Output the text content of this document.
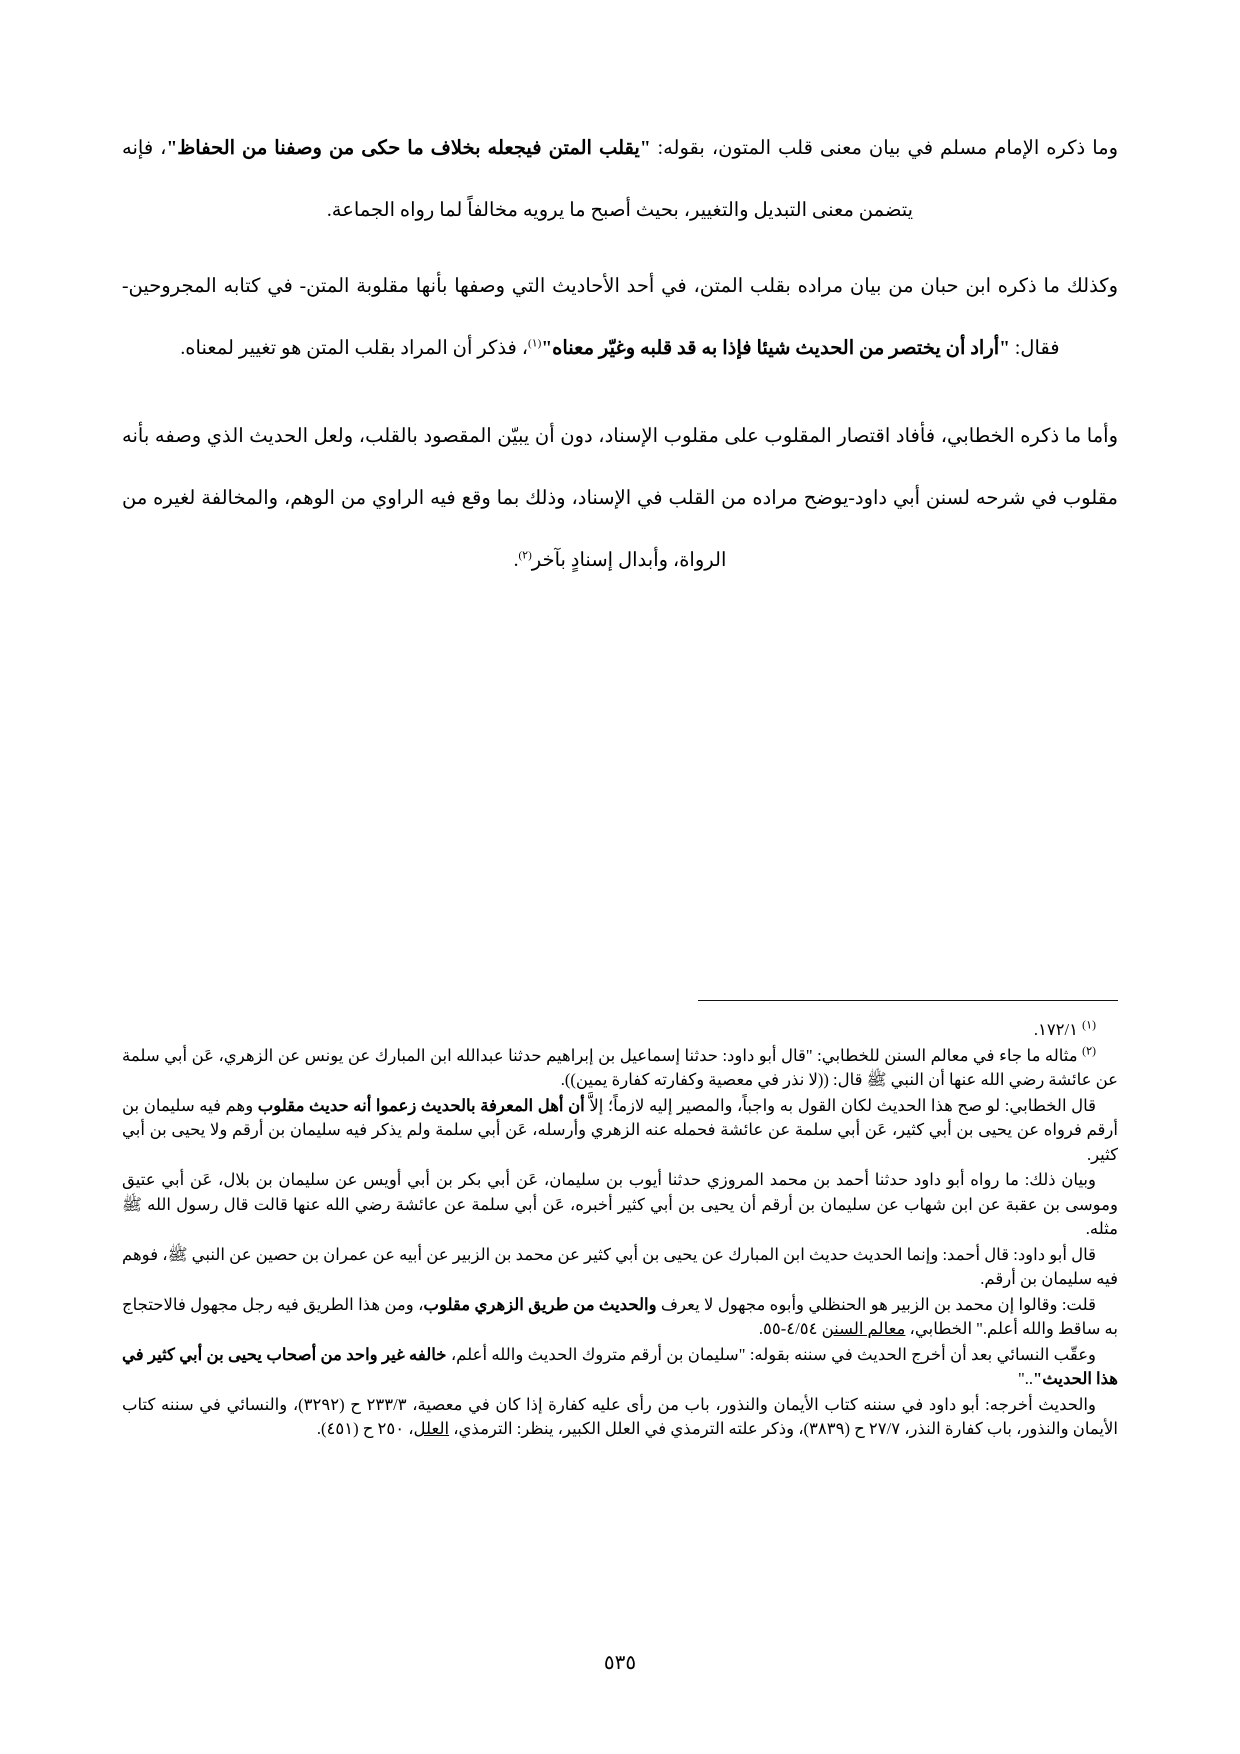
وما ذكره الإمام مسلم في بيان معنى قلب المتون، بقوله: "يقلب المتن فيجعله بخلاف ما حكى من وصفنا من الحفاظ"، فإنه يتضمن معنى التبديل والتغيير، بحيث أصبح ما يرويه مخالفاً لما رواه الجماعة.

وكذلك ما ذكره ابن حبان من بيان مراده بقلب المتن، في أحد الأحاديث التي وصفها بأنها مقلوبة المتن- في كتابه المجروحين- فقال: "أراد أن يختصر من الحديث شيئا فإذا به قد قلبه وغيّر معناه"$^{(١)}$، فذكر أن المراد بقلب المتن هو تغيير لمعناه.

وأما ما ذكره الخطابي، فأفاد اقتصار المقلوب على مقلوب الإسناد، دون أن يبيّن المقصود بالقلب، ولعل الحديث الذي وصفه بأنه مقلوب في شرحه لسنن أبي داود-يوضح مراده من القلب في الإسناد، وذلك بما وقع فيه الراوي من الوهم، والمخالفة لغيره من الرواة، وأبدال إسنادٍ بآخر$^{(٢)}$.

$^{(١)}$ ١٧٢/١.

$^{(٢)}$ مثاله ما جاء في معالم السنن للخطابي: "قال أبو داود: حدثنا إسماعيل بن إبراهيم حدثنا عبدالله ابن المبارك عن يونس عن الزهري، عَن أبي سلمة عن عائشة رضي الله عنها أن النبي ﷺ قال: ((لا نذر في معصية وكفارته كفارة يمين)).

قال الخطابي: لو صح هذا الحديث لكان القول به واجباً، والمصير إليه لازماً؛ إلاَّ أن أهل المعرفة بالحديث زعموا أنه حديث مقلوب وهم فيه سليمان بن أرقم فرواه عن يحيى بن أبي كثير، عَن أبي سلمة عن عائشة فحمله عنه الزهري وأرسله، عَن أبي سلمة ولم يذكر فيه سليمان بن أرقم ولا يحيى بن أبي كثير.

وبيان ذلك: ما رواه أبو داود حدثنا أحمد بن محمد المروزي حدثنا أيوب بن سليمان، عَن أبي بكر بن أبي أويس عن سليمان بن بلال، عَن أبي عتيق وموسى بن عقبة عن ابن شهاب عن سليمان بن أرقم أن يحيى بن أبي كثير أخبره، عَن أبي سلمة عن عائشة رضي الله عنها قالت قال رسول الله ﷺ مثله.

قال أبو داود: قال أحمد: وإنما الحديث حديث ابن المبارك عن يحيى بن أبي كثير عن محمد بن الزبير عن أبيه عن عمران بن حصين عن النبي ﷺ، فوهم فيه سليمان بن أرقم.

قلت: وقالوا إن محمد بن الزبير هو الحنظلي وأبوه مجهول لا يعرف والحديث من طريق الزهري مقلوب، ومن هذا الطريق فيه رجل مجهول فالاحتجاج به ساقط والله أعلم." الخطابي، معالم السنن ٤/٥٤-٥٥.

وعقّب النسائي بعد أن أخرج الحديث في سننه بقوله: "سليمان بن أرقم متروك الحديث والله أعلم، خالفه غير واحد من أصحاب يحيى بن أبي كثير في هذا الحديث".."

والحديث أخرجه: أبو داود في سننه كتاب الأيمان والنذور، باب من رأى عليه كفارة إذا كان في معصية، ٢٣٣/٣ ح (٣٢٩٢)، والنسائي في سننه كتاب الأيمان والنذور، باب كفارة النذر، ٢٧/٧ ح (٣٨٣٩)، وذكر علته الترمذي في العلل الكبير، ينظر: الترمذي، العلل، ٢٥٠ ح (٤٥١).

٥٣٥
